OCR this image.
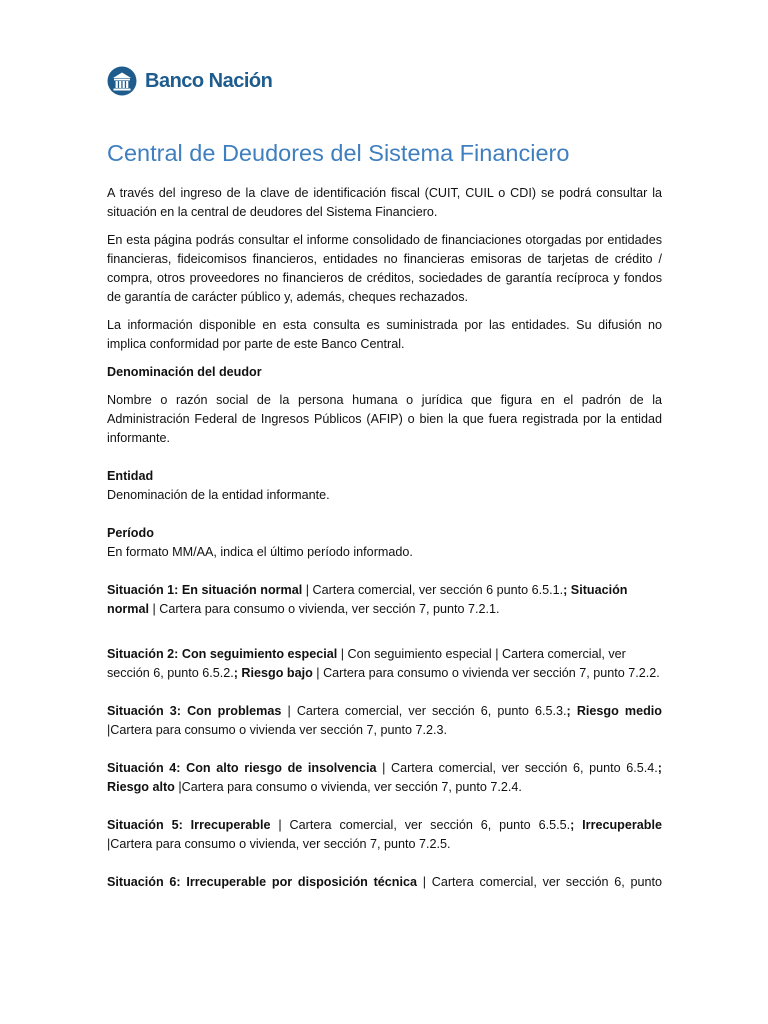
Banco Nación
Central de Deudores del Sistema Financiero

A través del ingreso de la clave de identificación fiscal (CUIT, CUIL o CDI) se podrá consultar la situación en la central de deudores del Sistema Financiero.

En esta página podrás consultar el informe consolidado de financiaciones otorgadas por entidades financieras, fideicomisos financieros, entidades no financieras emisoras de tarjetas de crédito / compra, otros proveedores no financieros de créditos, sociedades de garantía recíproca y fondos de garantía de carácter público y, además, cheques rechazados.

La información disponible en esta consulta es suministrada por las entidades. Su difusión no implica conformidad por parte de este Banco Central.

Denominación del deudor

Nombre o razón social de la persona humana o jurídica que figura en el padrón de la Administración Federal de Ingresos Públicos (AFIP) o bien la que fuera registrada por la entidad informante.

Entidad

Denominación de la entidad informante.

Período

En formato MM/AA, indica el último período informado.

Situación 1: En situación normal | Cartera comercial, ver sección 6 punto 6.5.1.; Situación normal | Cartera para consumo o vivienda, ver sección 7, punto 7.2.1.

Situación 2: Con seguimiento especial | Con seguimiento especial | Cartera comercial, ver sección 6, punto 6.5.2.; Riesgo bajo | Cartera para consumo o vivienda ver sección 7, punto 7.2.2.

Situación 3: Con problemas | Cartera comercial, ver sección 6, punto 6.5.3.; Riesgo medio |Cartera para consumo o vivienda ver sección 7, punto 7.2.3.

Situación 4: Con alto riesgo de insolvencia | Cartera comercial, ver sección 6, punto 6.5.4.; Riesgo alto |Cartera para consumo o vivienda, ver sección 7, punto 7.2.4.

Situación 5: Irrecuperable | Cartera comercial, ver sección 6, punto 6.5.5.; Irrecuperable |Cartera para consumo o vivienda, ver sección 7, punto 7.2.5.

Situación 6: Irrecuperable por disposición técnica | Cartera comercial, ver sección 6, punto
